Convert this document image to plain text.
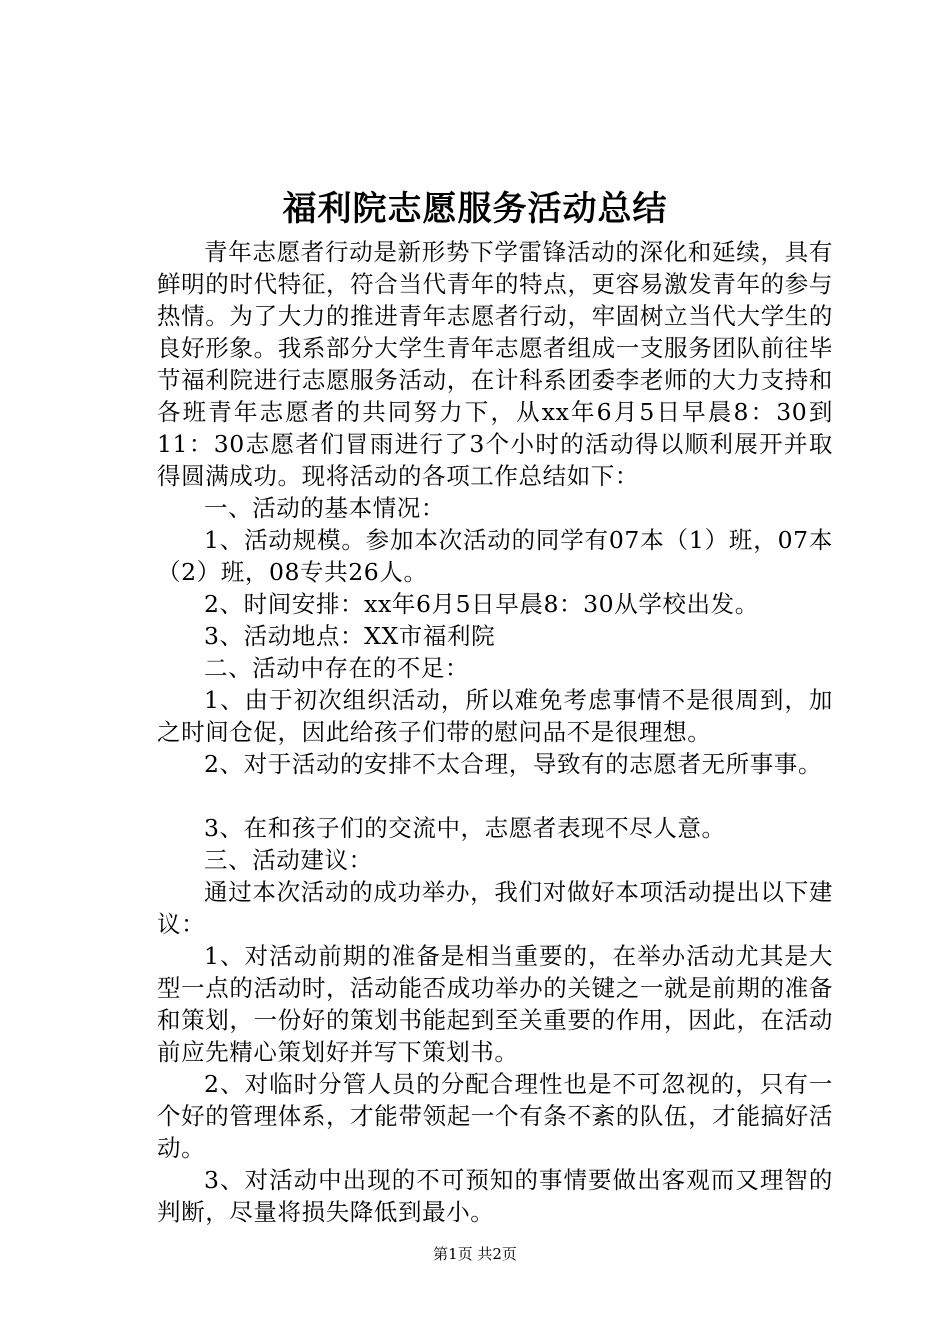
福利院志愿服务活动总结

青年志愿者行动是新形势下学雷锋活动的深化和延续，具有鲜明的时代特征，符合当代青年的特点，更容易激发青年的参与热情。为了大力的推进青年志愿者行动，牢固树立当代大学生的良好形象。我系部分大学生青年志愿者组成一支服务团队前往毕节福利院进行志愿服务活动，在计科系团委李老师的大力支持和各班青年志愿者的共同努力下，从xx年6月5日早晨8：30到11：30志愿者们冒雨进行了3个小时的活动得以顺利展开并取得圆满成功。现将活动的各项工作总结如下：

一、活动的基本情况：

1、活动规模。参加本次活动的同学有07本（1）班，07本（2）班，08专共26人。

2、时间安排：xx年6月5日早晨8：30从学校出发。

3、活动地点：XX市福利院

二、活动中存在的不足：

1、由于初次组织活动，所以难免考虑事情不是很周到，加之时间仓促，因此给孩子们带的慰问品不是很理想。

2、对于活动的安排不太合理，导致有的志愿者无所事事。

3、在和孩子们的交流中，志愿者表现不尽人意。

三、活动建议：

通过本次活动的成功举办，我们对做好本项活动提出以下建议：

1、对活动前期的准备是相当重要的，在举办活动尤其是大型一点的活动时，活动能否成功举办的关键之一就是前期的准备和策划，一份好的策划书能起到至关重要的作用，因此，在活动前应先精心策划好并写下策划书。

2、对临时分管人员的分配合理性也是不可忽视的，只有一个好的管理体系，才能带领起一个有条不紊的队伍，才能搞好活动。

3、对活动中出现的不可预知的事情要做出客观而又理智的判断，尽量将损失降低到最小。

第1页 共2页
